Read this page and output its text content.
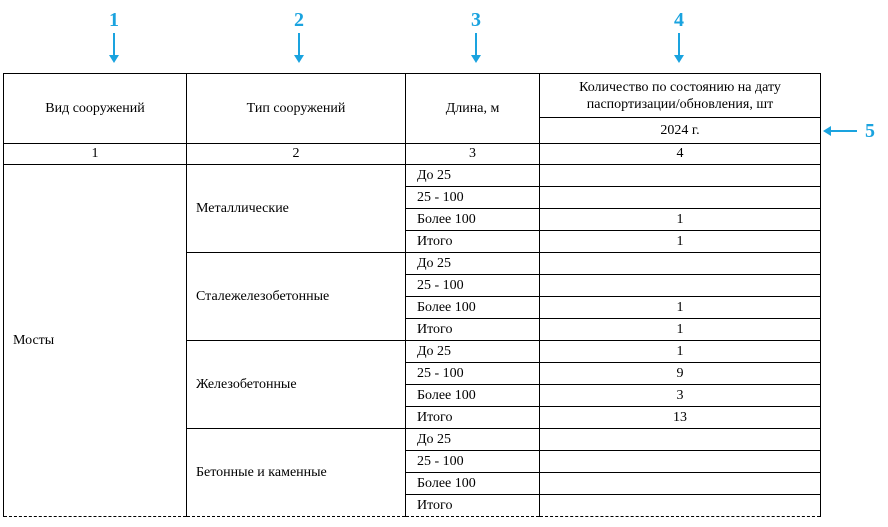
1	2	3	4
5
Вид сооружений	Тип сооружений	Длина, м	Количество по состоянию на дату паспортизации/обновления, шт
			2024 г.
1	2	3	4
Мосты	Металлические	До 25	
		25 - 100	
		Более 100	1
		Итого	1
	Сталежелезобетонные	До 25	
		25 - 100	
		Более 100	1
		Итого	1
	Железобетонные	До 25	1
		25 - 100	9
		Более 100	3
		Итого	13
	Бетонные и каменные	До 25	
		25 - 100	
		Более 100	
		Итого	
